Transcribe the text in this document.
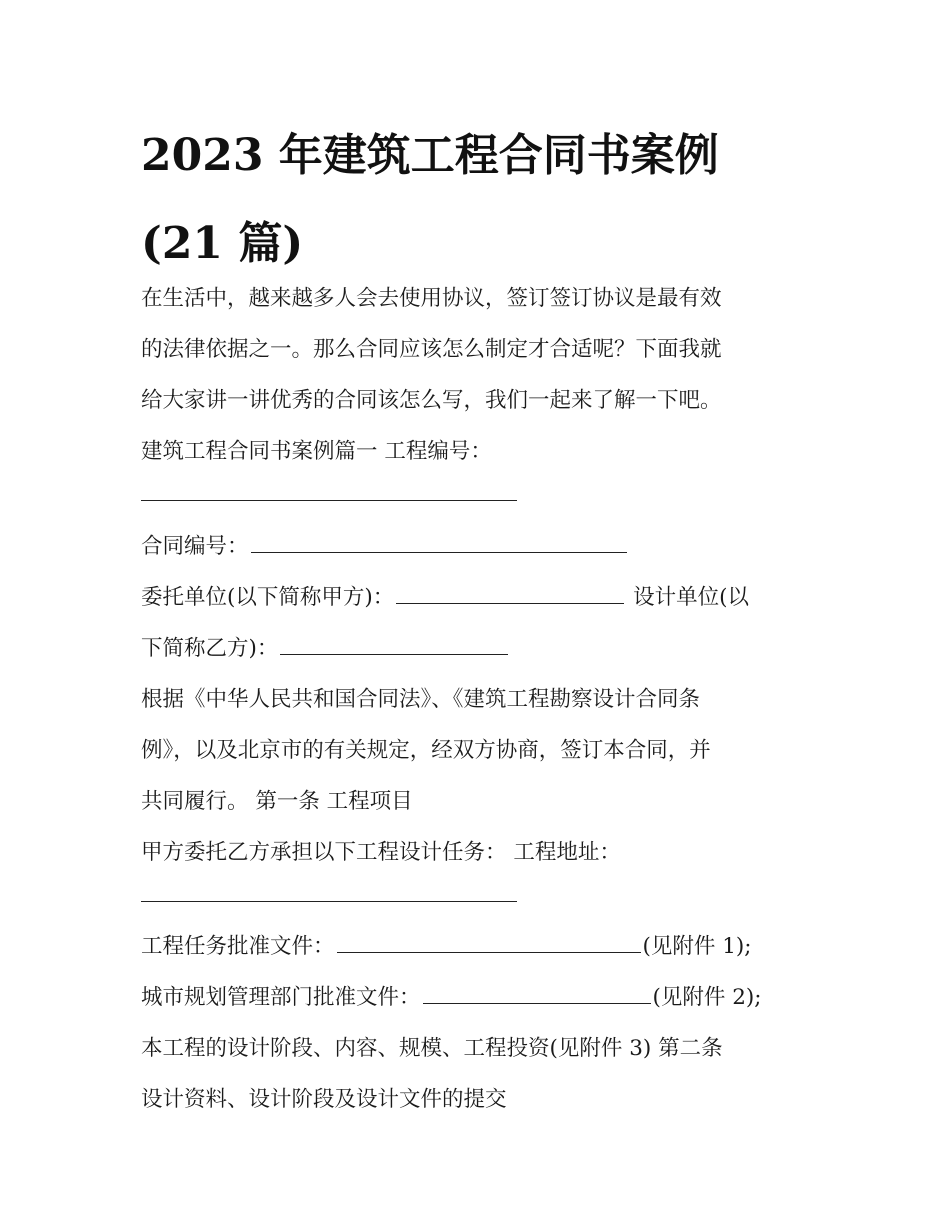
2023 年建筑工程合同书案例
(21 篇)
在生活中，越来越多人会去使用协议，签订签订协议是最有效
的法律依据之一。那么合同应该怎么制定才合适呢？下面我就
给大家讲一讲优秀的合同该怎么写，我们一起来了解一下吧。
建筑工程合同书案例篇一 工程编号：
合同编号：
委托单位(以下简称甲方)：	设计单位(以
下简称乙方)：
根据《中华人民共和国合同法》、《建筑工程勘察设计合同条
例》，以及北京市的有关规定，经双方协商，签订本合同，并
共同履行。 第一条 工程项目
甲方委托乙方承担以下工程设计任务： 工程地址：
工程任务批准文件：	(见附件 1);
城市规划管理部门批准文件：	(见附件 2);
本工程的设计阶段、内容、规模、工程投资(见附件 3) 第二条
设计资料、设计阶段及设计文件的提交
